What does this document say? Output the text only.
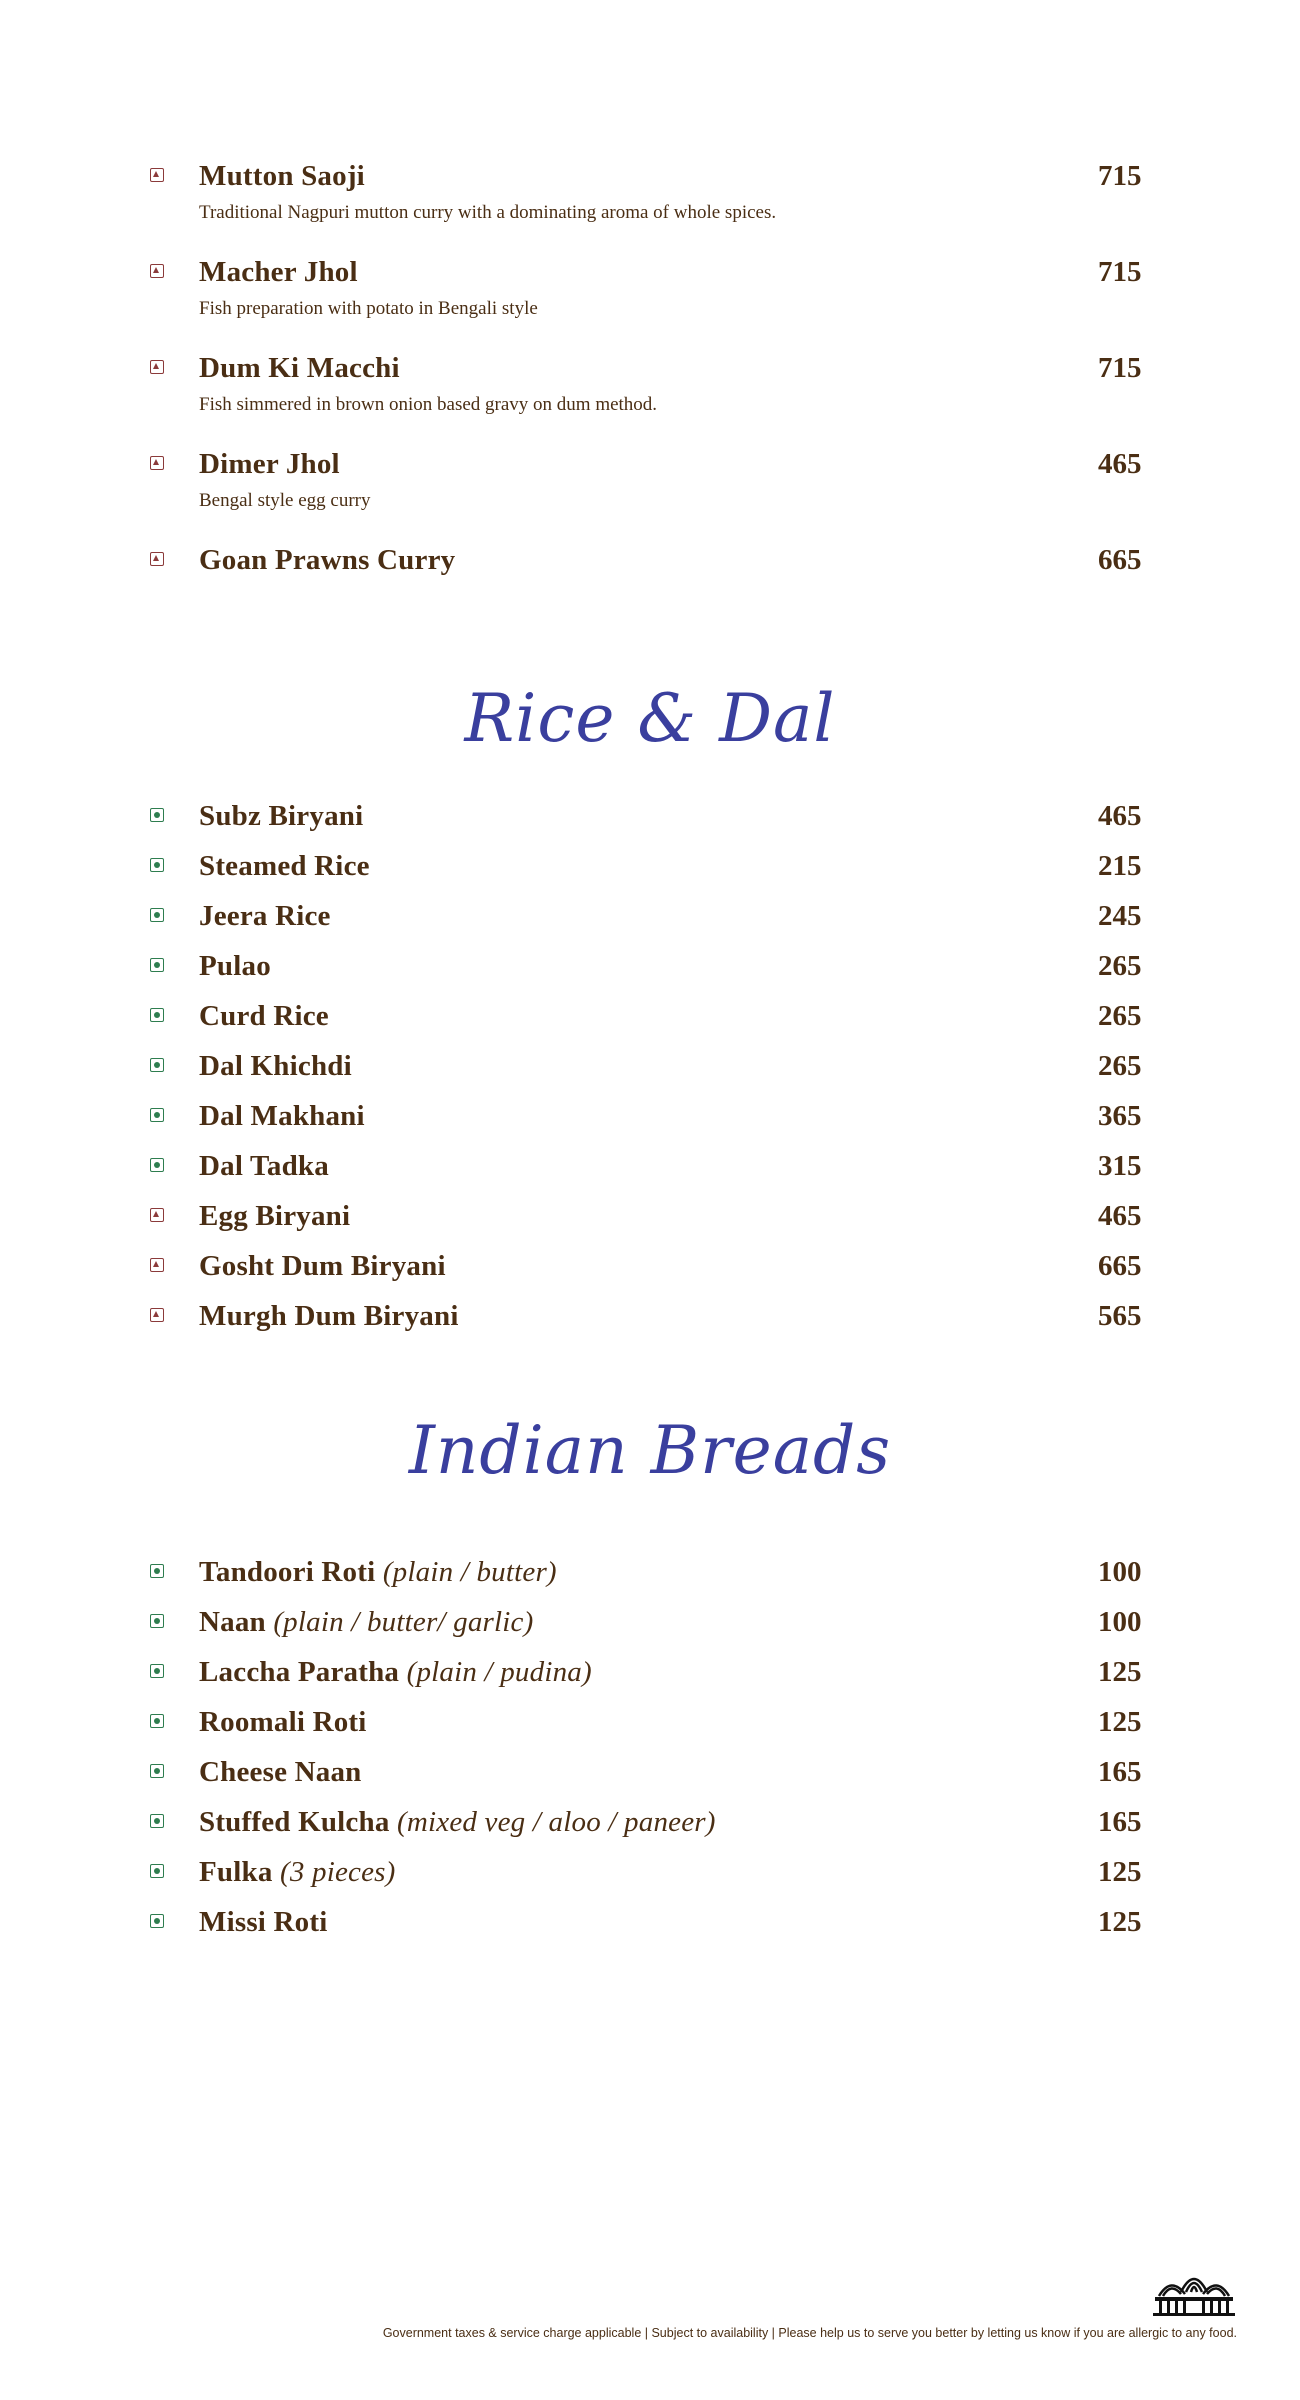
Mutton Saoji
Traditional Nagpuri mutton curry with a dominating aroma of whole spices.
715
Macher Jhol
Fish preparation with potato in Bengali style
715
Dum Ki Macchi
Fish simmered in brown onion based gravy on dum method.
715
Dimer Jhol
Bengal style egg curry
465
Goan Prawns Curry	665
Rice & Dal
Subz Biryani	465
Steamed Rice	215
Jeera Rice	245
Pulao	265
Curd Rice	265
Dal Khichdi	265
Dal Makhani	365
Dal Tadka	315
Egg Biryani	465
Gosht Dum Biryani	665
Murgh Dum Biryani	565
Indian Breads
Tandoori Roti (plain / butter)	100
Naan (plain / butter/ garlic)	100
Laccha Paratha (plain / pudina)	125
Roomali Roti	125
Cheese Naan	165
Stuffed Kulcha (mixed veg / aloo / paneer)	165
Fulka (3 pieces)	125
Missi Roti	125
Government taxes & service charge applicable | Subject to availability | Please help us to serve you better by letting us know if you are allergic to any food.
